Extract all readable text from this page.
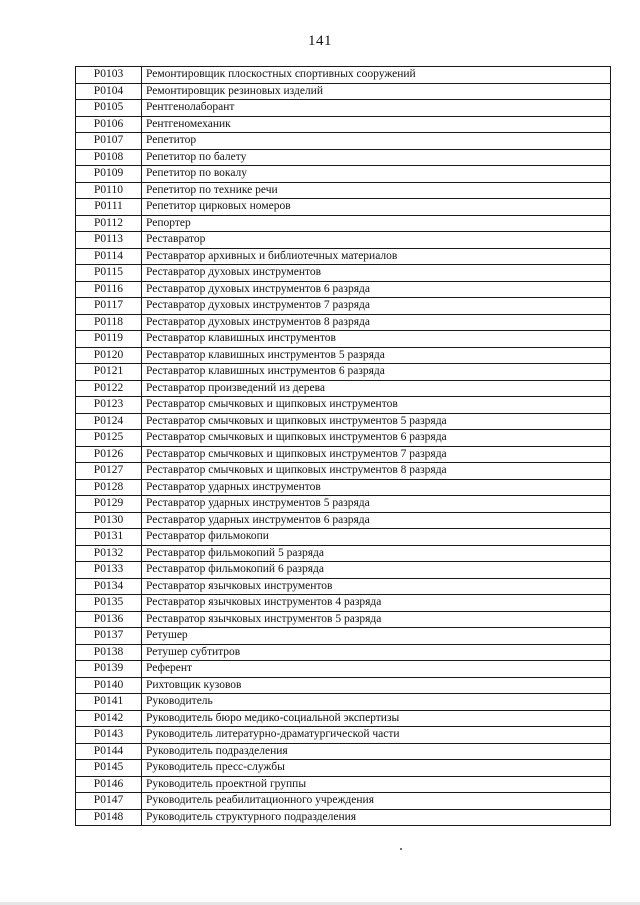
141
Р0103	Ремонтировщик плоскостных спортивных сооружений
Р0104	Ремонтировщик резиновых изделий
Р0105	Рентгенолаборант
Р0106	Рентгеномеханик
Р0107	Репетитор
Р0108	Репетитор по балету
Р0109	Репетитор по вокалу
Р0110	Репетитор по технике речи
Р0111	Репетитор цирковых номеров
Р0112	Репортер
Р0113	Реставратор
Р0114	Реставратор архивных и библиотечных материалов
Р0115	Реставратор духовых инструментов
Р0116	Реставратор духовых инструментов 6 разряда
Р0117	Реставратор духовых инструментов 7 разряда
Р0118	Реставратор духовых инструментов 8 разряда
Р0119	Реставратор клавишных инструментов
Р0120	Реставратор клавишных инструментов 5 разряда
Р0121	Реставратор клавишных инструментов 6 разряда
Р0122	Реставратор произведений из дерева
Р0123	Реставратор смычковых и щипковых инструментов
Р0124	Реставратор смычковых и щипковых инструментов 5 разряда
Р0125	Реставратор смычковых и щипковых инструментов 6 разряда
Р0126	Реставратор смычковых и щипковых инструментов 7 разряда
Р0127	Реставратор смычковых и щипковых инструментов 8 разряда
Р0128	Реставратор ударных инструментов
Р0129	Реставратор ударных инструментов 5 разряда
Р0130	Реставратор ударных инструментов 6 разряда
Р0131	Реставратор фильмокопи
Р0132	Реставратор фильмокопий 5 разряда
Р0133	Реставратор фильмокопий 6 разряда
Р0134	Реставратор язычковых инструментов
Р0135	Реставратор язычковых инструментов 4 разряда
Р0136	Реставратор язычковых инструментов 5 разряда
Р0137	Ретушер
Р0138	Ретушер субтитров
Р0139	Референт
Р0140	Рихтовщик кузовов
Р0141	Руководитель
Р0142	Руководитель бюро медико-социальной экспертизы
Р0143	Руководитель литературно-драматургической части
Р0144	Руководитель подразделения
Р0145	Руководитель пресс-службы
Р0146	Руководитель проектной группы
Р0147	Руководитель реабилитационного учреждения
Р0148	Руководитель структурного подразделения
